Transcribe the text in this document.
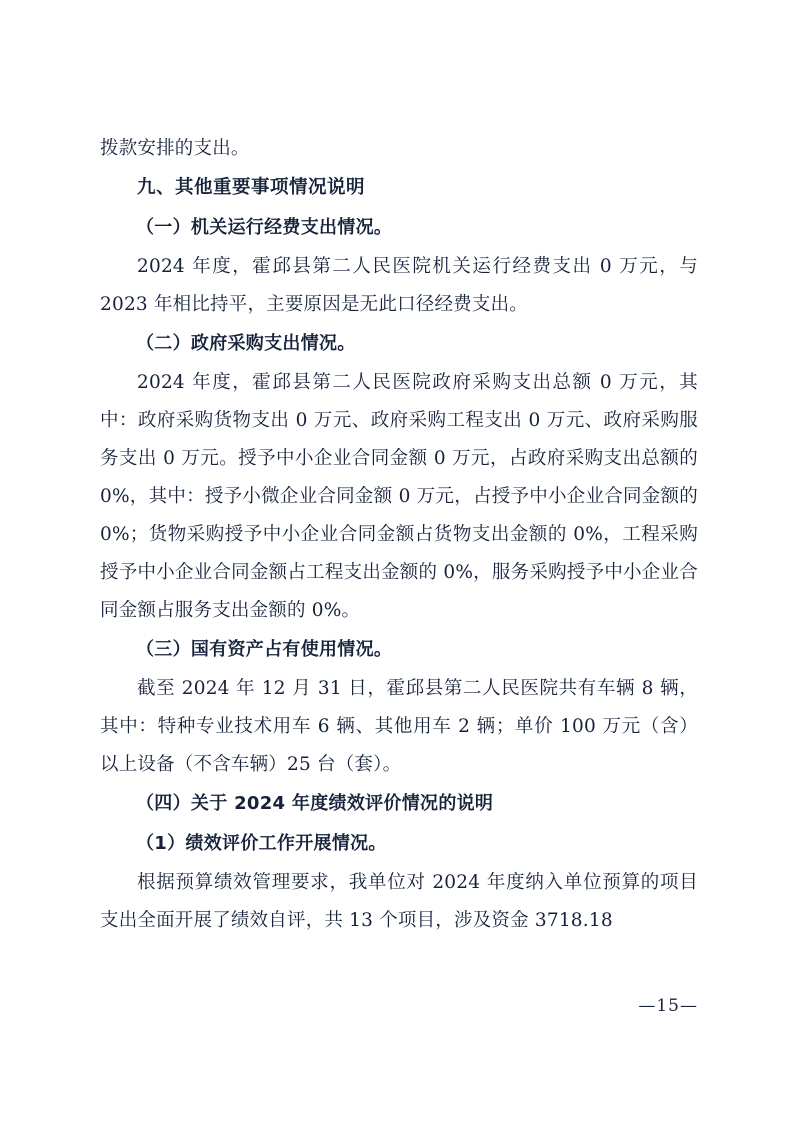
拨款安排的支出。

九、其他重要事项情况说明

（一）机关运行经费支出情况。

2024 年度，霍邱县第二人民医院机关运行经费支出 0 万元，与 2023 年相比持平，主要原因是无此口径经费支出。

（二）政府采购支出情况。

2024 年度，霍邱县第二人民医院政府采购支出总额 0 万元，其中：政府采购货物支出 0 万元、政府采购工程支出 0 万元、政府采购服务支出 0 万元。授予中小企业合同金额 0 万元，占政府采购支出总额的 0%，其中：授予小微企业合同金额 0 万元，占授予中小企业合同金额的 0%；货物采购授予中小企业合同金额占货物支出金额的 0%，工程采购授予中小企业合同金额占工程支出金额的 0%，服务采购授予中小企业合同金额占服务支出金额的 0%。

（三）国有资产占有使用情况。

截至 2024 年 12 月 31 日，霍邱县第二人民医院共有车辆 8 辆，其中：特种专业技术用车 6 辆、其他用车 2 辆；单价 100 万元（含）以上设备（不含车辆）25 台（套）。

（四）关于 2024 年度绩效评价情况的说明

（1）绩效评价工作开展情况。

根据预算绩效管理要求，我单位对 2024 年度纳入单位预算的项目支出全面开展了绩效自评，共 13 个项目，涉及资金 3718.18

—15—
